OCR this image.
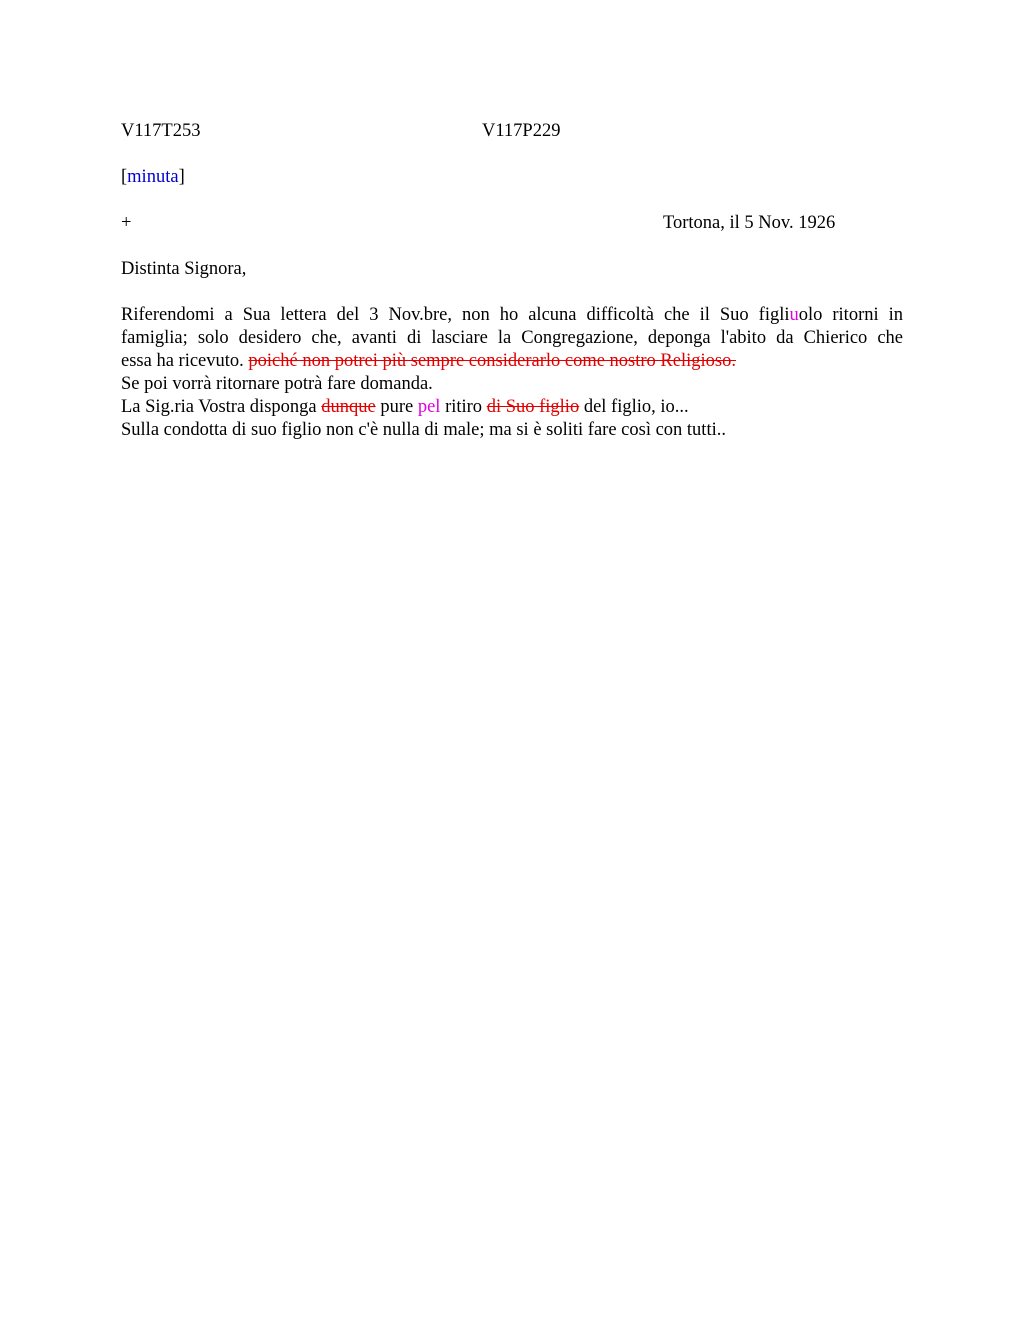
V117T253	V117P229
[minuta]
+	Tortona, il 5 Nov. 1926
Distinta Signora,
Riferendomi a Sua lettera del 3 Nov.bre, non ho alcuna difficoltà che il Suo figliuolo ritorni in
famiglia; solo desidero che, avanti di lasciare la Congregazione, deponga l'abito da Chierico che
essa ha ricevuto. poiché non potrei più sempre considerarlo come nostro Religioso.
Se poi vorrà ritornare potrà fare domanda.
La Sig.ria Vostra disponga dunque pure pel ritiro di Suo figlio del figlio, io...
Sulla condotta di suo figlio non c'è nulla di male; ma si è soliti fare così con tutti..
